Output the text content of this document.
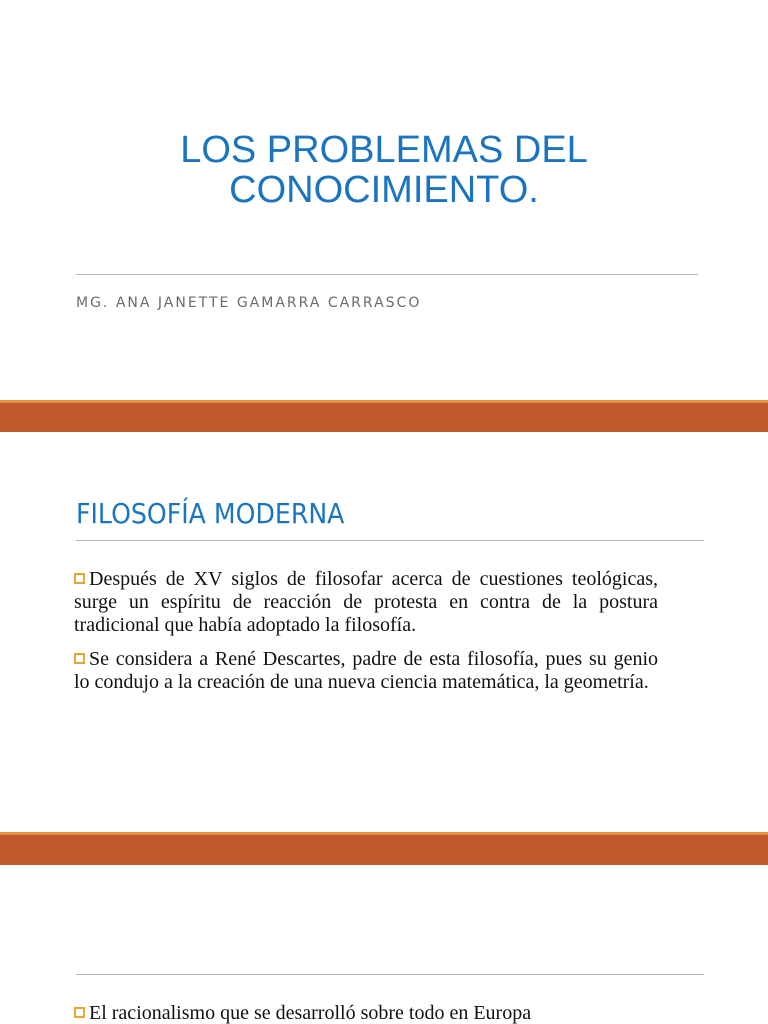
LOS PROBLEMAS DEL
CONOCIMIENTO.

MG. ANA JANETTE GAMARRA CARRASCO

FILOSOFÍA MODERNA
Después de XV siglos de filosofar acerca de cuestiones teológicas, surge un espíritu de reacción de protesta en contra de la postura tradicional que había adoptado la filosofía.
Se considera a René Descartes, padre de esta filosofía, pues su genio lo condujo a la creación de una nueva ciencia matemática, la geometría.
El racionalismo que se desarrolló sobre todo en Europa
